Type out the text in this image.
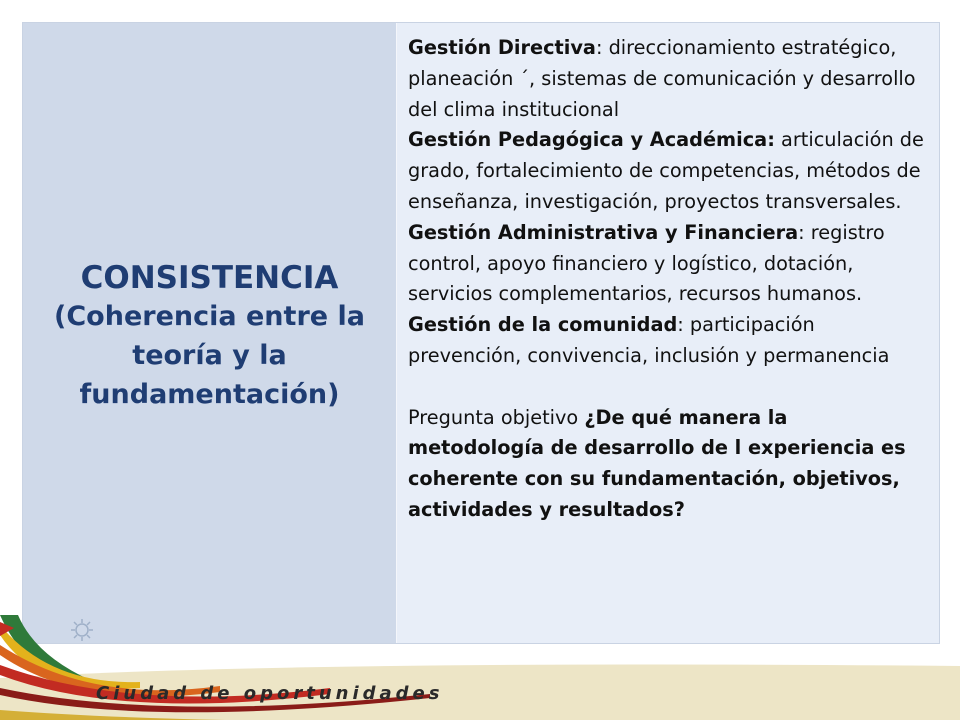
CONSISTENCIA
(Coherencia entre la
teoría y la
fundamentación)

Gestión Directiva: direccionamiento estratégico, planeación ´, sistemas de comunicación y desarrollo del clima institucional

Gestión Pedagógica y Académica: articulación de grado, fortalecimiento de competencias, métodos de enseñanza, investigación, proyectos transversales.

Gestión Administrativa y Financiera: registro control, apoyo financiero y logístico, dotación, servicios complementarios, recursos humanos.

Gestión de la comunidad: participación prevención, convivencia, inclusión y permanencia

Pregunta objetivo ¿De qué manera la metodología de desarrollo de l experiencia es coherente con su fundamentación, objetivos, actividades y resultados?

Ciudad de oportunidades
